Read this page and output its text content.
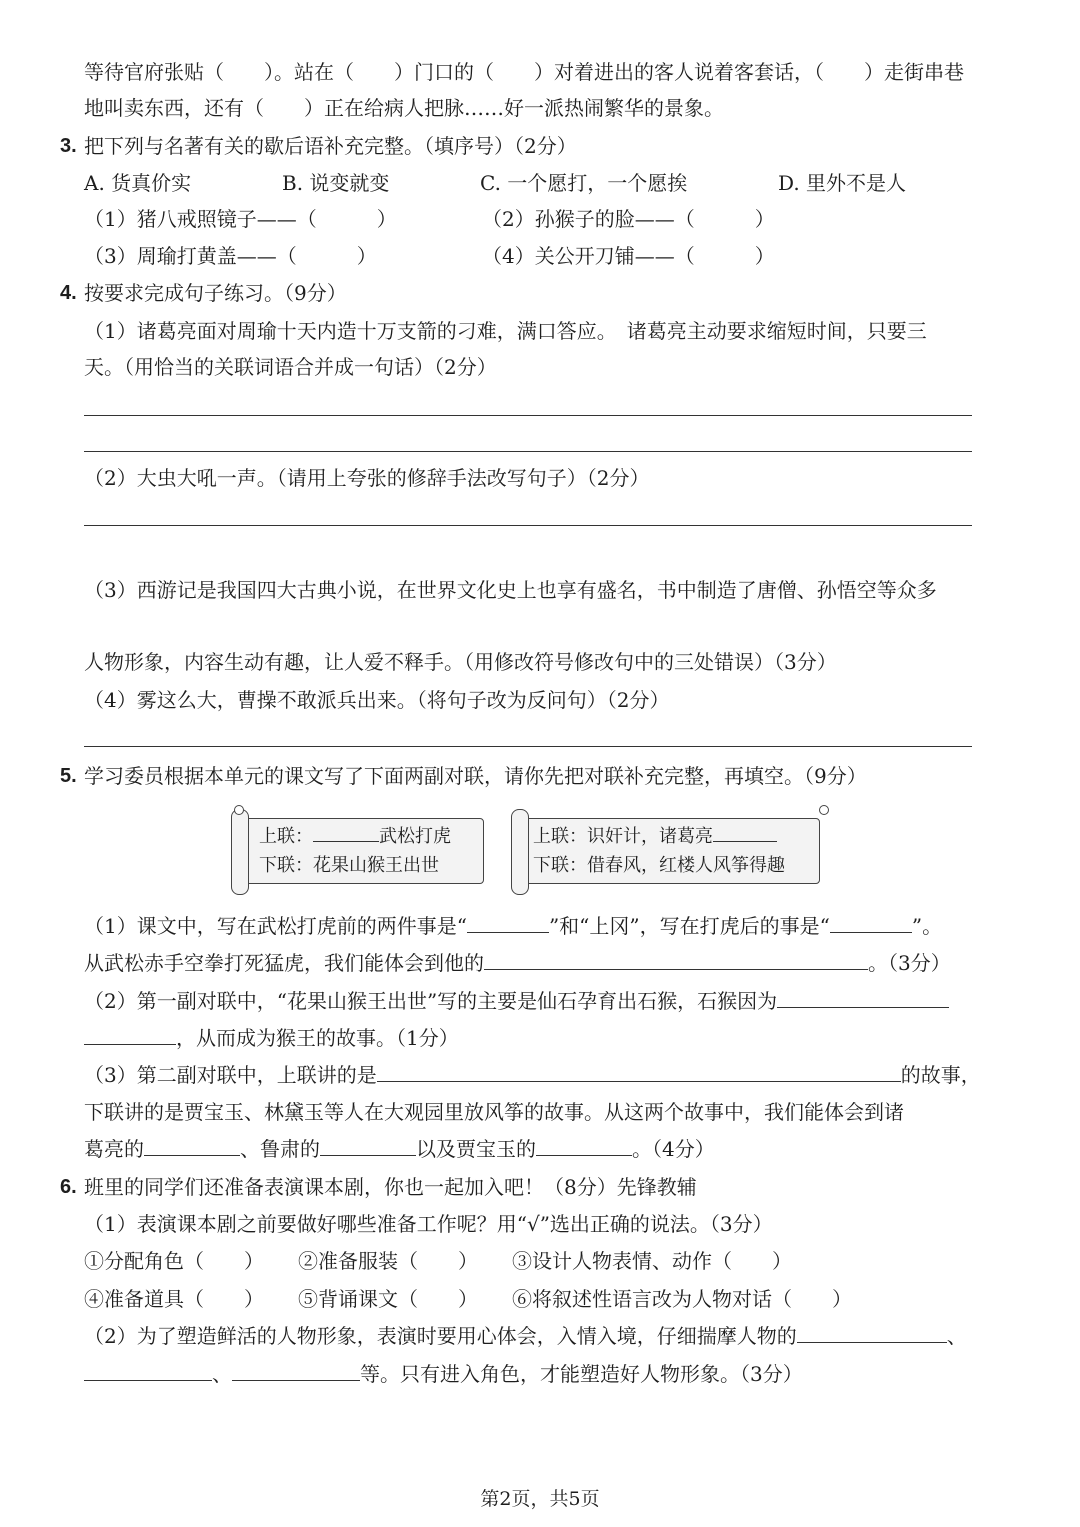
等待官府张贴（　　）。站在（　　）门口的（　　）对着进出的客人说着客套话，（　　）走街串巷
地叫卖东西，还有（　　）正在给病人把脉……好一派热闹繁华的景象。
3. 把下列与名著有关的歇后语补充完整。（填序号）（2分）
A. 货真价实	B. 说变就变	C. 一个愿打，一个愿挨	D. 里外不是人
（1）猪八戒照镜子——（　　　）	（2）孙猴子的脸——（　　　）
（3）周瑜打黄盖——（　　　）	（4）关公开刀铺——（　　　）
4. 按要求完成句子练习。（9分）
（1）诸葛亮面对周瑜十天内造十万支箭的刁难，满口答应。　诸葛亮主动要求缩短时间，只要三
天。（用恰当的关联词语合并成一句话）（2分）
（2）大虫大吼一声。（请用上夸张的修辞手法改写句子）（2分）
（3）西游记是我国四大古典小说，在世界文化史上也享有盛名，书中制造了唐僧、孙悟空等众多
人物形象，内容生动有趣，让人爱不释手。（用修改符号修改句中的三处错误）（3分）
（4）雾这么大，曹操不敢派兵出来。（将句子改为反问句）（2分）
5. 学习委员根据本单元的课文写了下面两副对联，请你先把对联补充完整，再填空。（9分）
上联：	武松打虎
下联：花果山猴王出世
上联：识奸计，诸葛亮
下联：借春风，红楼人风筝得趣
（1）课文中，写在武松打虎前的两件事是“	”和“上冈”，写在打虎后的事是“	”。
从武松赤手空拳打死猛虎，我们能体会到他的	。（3分）
（2）第一副对联中，“花果山猴王出世”写的主要是仙石孕育出石猴，石猴因为
，从而成为猴王的故事。（1分）
（3）第二副对联中，上联讲的是	的故事，
下联讲的是贾宝玉、林黛玉等人在大观园里放风筝的故事。从这两个故事中，我们能体会到诸
葛亮的	、鲁肃的	以及贾宝玉的	。（4分）
6. 班里的同学们还准备表演课本剧，你也一起加入吧！（8分）先锋教辅
（1）表演课本剧之前要做好哪些准备工作呢？用“√”选出正确的说法。（3分）
①分配角色（　　） ②准备服装（　　） ③设计人物表情、动作（　　）
④准备道具（　　） ⑤背诵课文（　　） ⑥将叙述性语言改为人物对话（　　）
（2）为了塑造鲜活的人物形象，表演时要用心体会，入情入境，仔细揣摩人物的	、
、	等。只有进入角色，才能塑造好人物形象。（3分）
第2页，共5页
